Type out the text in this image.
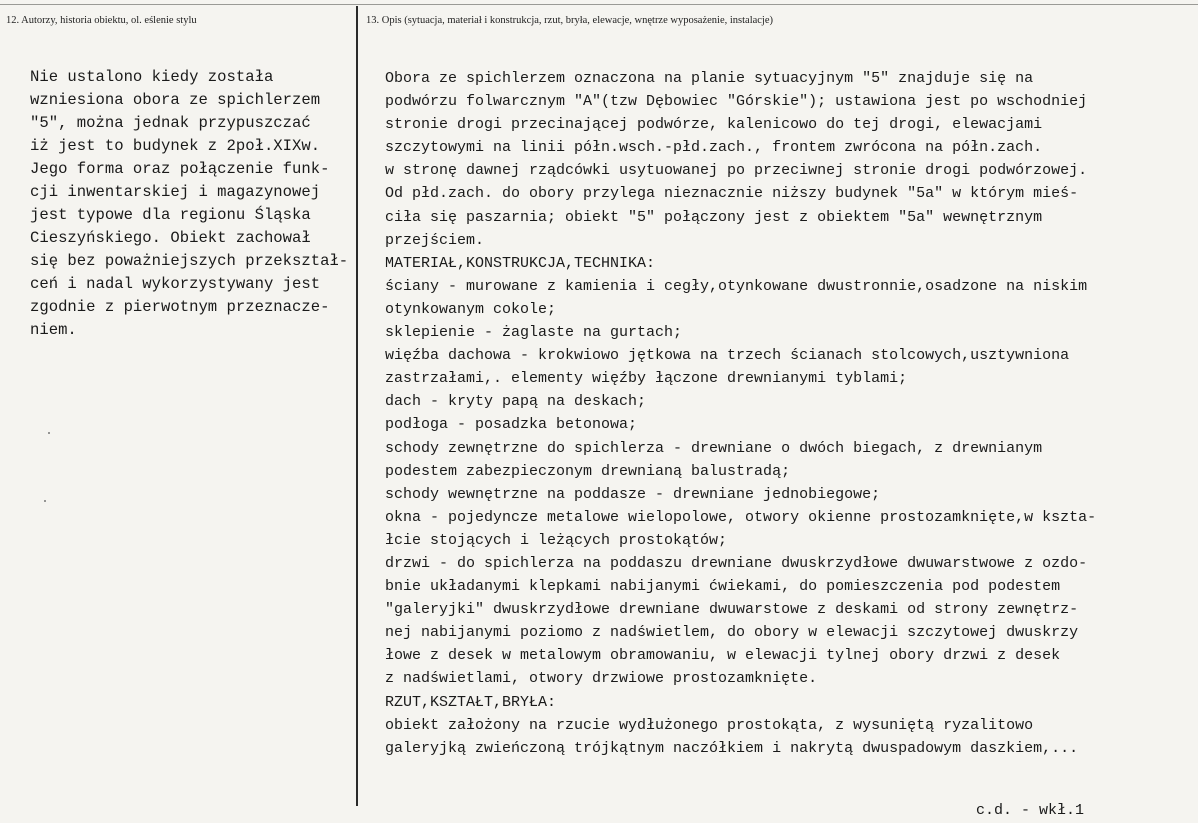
12. Autorzy, historia obiektu, ol. eślenie stylu	13. Opis (sytuacja, materiał i konstrukcja, rzut, bryła, elewacje, wnętrze wyposażenie, instalacje)
Nie ustalono kiedy została
wzniesiona obora ze spichlerzem
"5", można jednak przypuszczać
iż jest to budynek z 2poł.XIXw.
Jego forma oraz połączenie funk-
cji inwentarskiej i magazynowej
jest typowe dla regionu Śląska
Cieszyńskiego. Obiekt zachował
się bez poważniejszych przekształ-
ceń i nadal wykorzystywany jest
zgodnie z pierwotnym przeznacze-
niem.
Obora ze spichlerzem oznaczona na planie sytuacyjnym "5" znajduje się na
podwórzu folwarcznym "A"(tzw Dębowiec "Górskie"); ustawiona jest po wschodniej
stronie drogi przecinającej podwórze, kalenicowo do tej drogi, elewacjami
szczytowymi na linii półn.wsch.-płd.zach., frontem zwrócona na półn.zach.
w stronę dawnej rządcówki usytuowanej po przeciwnej stronie drogi podwórzowej.
Od płd.zach. do obory przylega nieznacznie niższy budynek "5a" w którym mieś-
ciła się paszarnia; obiekt "5" połączony jest z obiektem "5a" wewnętrznym
przejściem.
MATERIAŁ,KONSTRUKCJA,TECHNIKA:
ściany - murowane z kamienia i cegły,otynkowane dwustronnie,osadzone na niskim
otynkowanym cokole;
sklepienie - żaglaste na gurtach;
więźba dachowa - krokwiowo jętkowa na trzech ścianach stolcowych,usztywniona
zastrzałami,. elementy więźby łączone drewnianymi tyblami;
dach - kryty papą na deskach;
podłoga - posadzka betonowa;
schody zewnętrzne do spichlerza - drewniane o dwóch biegach, z drewnianym
podestem zabezpieczonym drewnianą balustradą;
schody wewnętrzne na poddasze - drewniane jednobiegowe;
okna - pojedyncze metalowe wielopolowe, otwory okienne prostozamknięte,w kszta-
łcie stojących i leżących prostokątów;
drzwi - do spichlerza na poddaszu drewniane dwuskrzydłowe dwuwarstwowe z ozdo-
bnie układanymi klepkami nabijanymi ćwiekami, do pomieszczenia pod podestem
"galeryjki" dwuskrzydłowe drewniane dwuwarstowe z deskami od strony zewnętrz-
nej nabijanymi poziomo z nadświetlem, do obory w elewacji szczytowej dwuskrzy
łowe z desek w metalowym obramowaniu, w elewacji tylnej obory drzwi z desek
z nadświetlami, otwory drzwiowe prostozamknięte.
RZUT,KSZTAŁT,BRYŁA:
obiekt założony na rzucie wydłużonego prostokąta, z wysuniętą ryzalitowo
galeryjką zwieńczoną trójkątnym naczółkiem i nakrytą dwuspadowym daszkiem,...
c.d. - wkł.1
